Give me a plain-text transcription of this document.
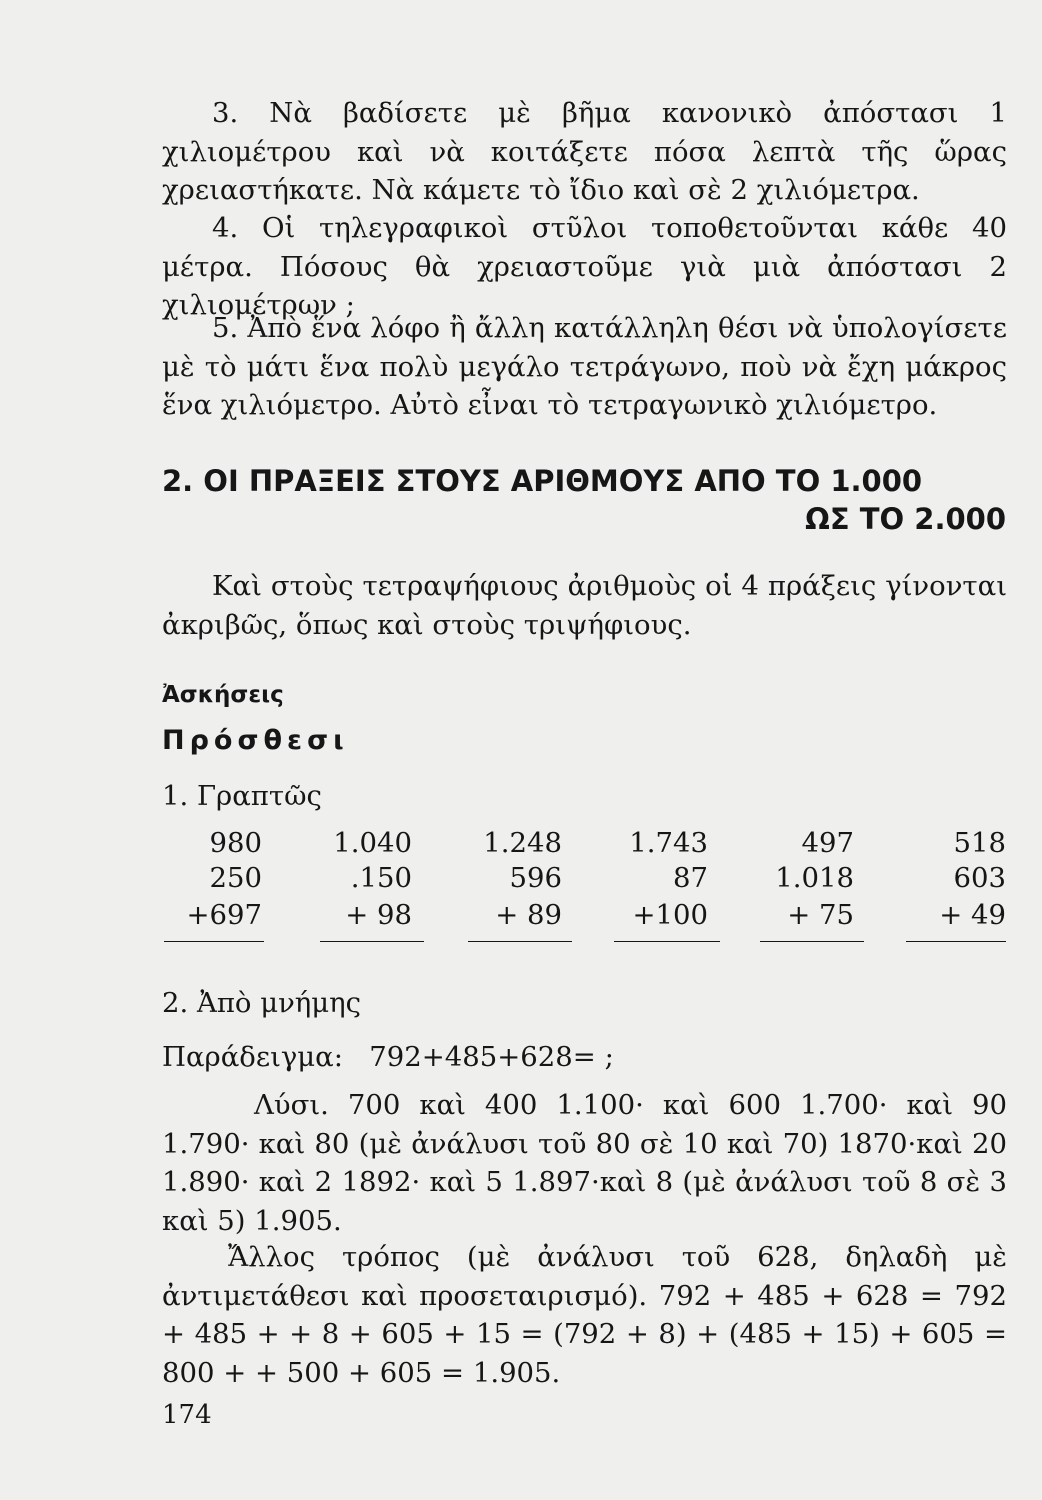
3. Νὰ βαδίσετε μὲ βῆμα κανονικὸ ἀπόστασι 1 χιλιομέτρου καὶ νὰ κοιτάξετε πόσα λεπτὰ τῆς ὥρας χρειαστήκατε. Νὰ κάμετε τὸ ἴδιο καὶ σὲ 2 χιλιόμετρα.

4. Οἱ τηλεγραφικοὶ στῦλοι τοποθετοῦνται κάθε 40 μέτρα. Πόσους θὰ χρειαστοῦμε γιὰ μιὰ ἀπόστασι 2 χιλιομέτρων ;

5. Ἀπὸ ἕνα λόφο ἢ ἄλλη κατάλληλη θέσι νὰ ὑπολογίσετε μὲ τὸ μάτι ἕνα πολὺ μεγάλο τετράγωνο, ποὺ νὰ ἔχη μάκρος ἕνα χιλιόμετρο. Αὐτὸ εἶναι τὸ τετραγωνικὸ χιλιόμετρο.

2. ΟΙ ΠΡΑΞΕΙΣ ΣΤΟΥΣ ΑΡΙΘΜΟΥΣ ΑΠΟ ΤΟ 1.000

ΩΣ ΤΟ 2.000

Καὶ στοὺς τετραψήφιους ἀριθμοὺς οἱ 4 πράξεις γίνονται ἀκριβῶς, ὅπως καὶ στοὺς τριψήφιους.

Ἀσκήσεις
Πρόσθεσι
1. Γραπτῶς
980
250
+697
1.040
.150
+ 98
1.248
596
+ 89
1.743
87
+100
497
1.018
+ 75
518
603
+ 49
2. Ἀπὸ μνήμης
Παράδειγμα:   792+485+628= ;

Λύσι. 700 καὶ 400 1.100· καὶ 600 1.700· καὶ 90 1.790· καὶ 80 (μὲ ἀνάλυσι τοῦ 80 σὲ 10 καὶ 70) 1870·καὶ 20 1.890· καὶ 2 1892· καὶ 5 1.897·καὶ 8 (μὲ ἀνάλυσι τοῦ 8 σὲ 3 καὶ 5) 1.905.

Ἄλλος τρόπος (μὲ ἀνάλυσι τοῦ 628, δηλαδὴ μὲ ἀντιμετάθεσι καὶ προσεταιρισμό). 792 + 485 + 628 = 792 + 485 + + 8 + 605 + 15 = (792 + 8) + (485 + 15) + 605 = 800 + + 500 + 605 = 1.905.

174
